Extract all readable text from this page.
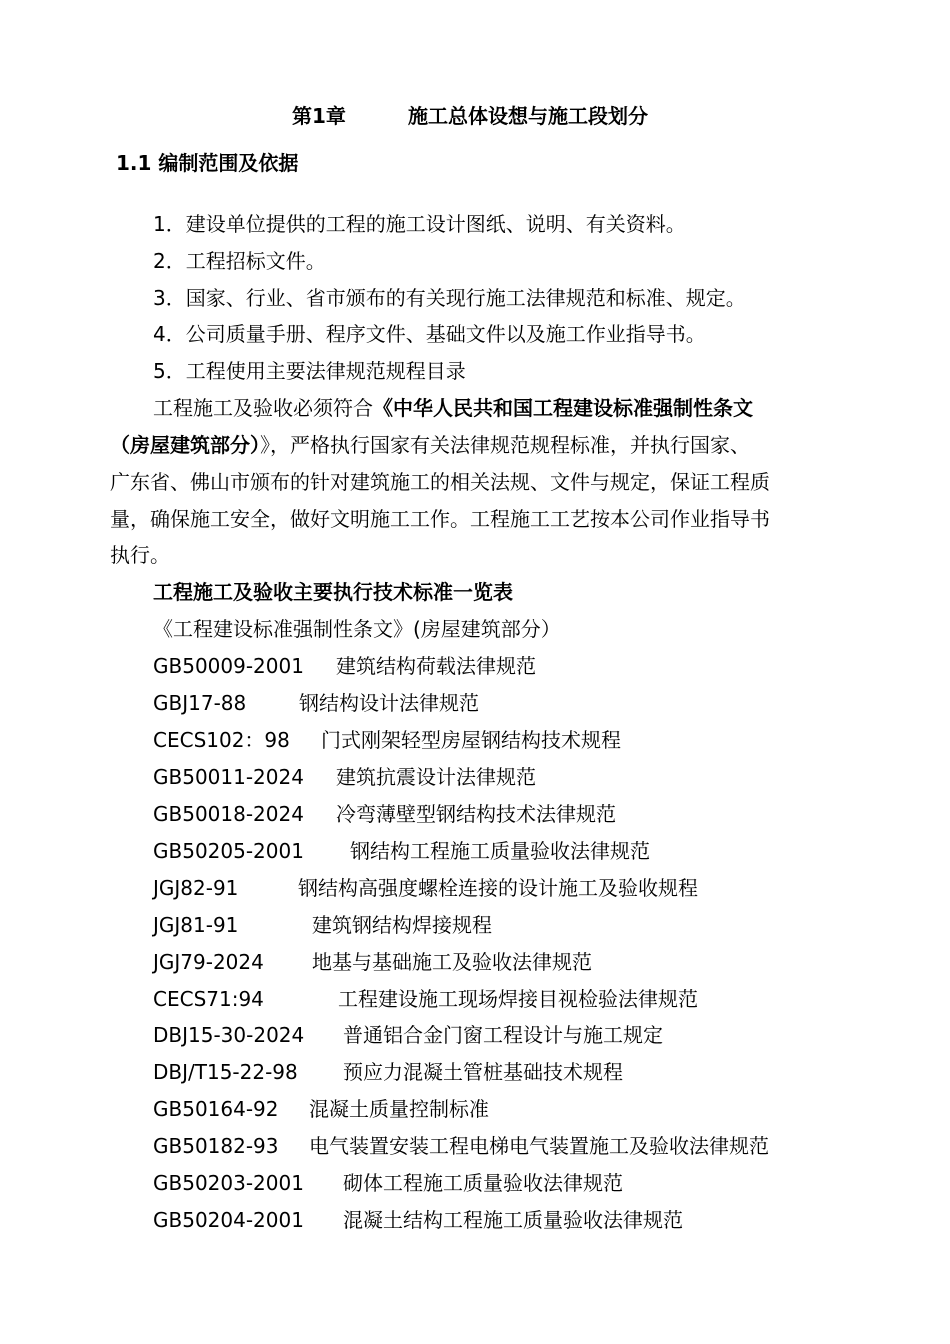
第1章	施工总体设想与施工段划分
1.1 编制范围及依据
1．建设单位提供的工程的施工设计图纸、说明、有关资料。
2．工程招标文件。
3．国家、行业、省市颁布的有关现行施工法律规范和标准、规定。
4．公司质量手册、程序文件、基础文件以及施工作业指导书。
5．工程使用主要法律规范规程目录
工程施工及验收必须符合《中华人民共和国工程建设标准强制性条文
（房屋建筑部分）》，严格执行国家有关法律规范规程标准，并执行国家、
广东省、佛山市颁布的针对建筑施工的相关法规、文件与规定，保证工程质
量，确保施工安全，做好文明施工工作。工程施工工艺按本公司作业指导书
执行。
工程施工及验收主要执行技术标准一览表
《工程建设标准强制性条文》(房屋建筑部分）
GB50009-2001 建筑结构荷载法律规范
GBJ17-88	钢结构设计法律规范
CECS102：98 门式刚架轻型房屋钢结构技术规程
GB50011-2024 建筑抗震设计法律规范
GB50018-2024 冷弯薄壁型钢结构技术法律规范
GB50205-2001 钢结构工程施工质量验收法律规范
JGJ82-91	钢结构高强度螺栓连接的设计施工及验收规程
JGJ81-91	建筑钢结构焊接规程
JGJ79-2024 地基与基础施工及验收法律规范
CECS71:94	工程建设施工现场焊接目视检验法律规范
DBJ15-30-2024 普通铝合金门窗工程设计与施工规定
DBJ/T15-22-98 预应力混凝土管桩基础技术规程
GB50164-92 混凝土质量控制标准
GB50182-93 电气装置安装工程电梯电气装置施工及验收法律规范
GB50203-2001 砌体工程施工质量验收法律规范
GB50204-2001 混凝土结构工程施工质量验收法律规范
